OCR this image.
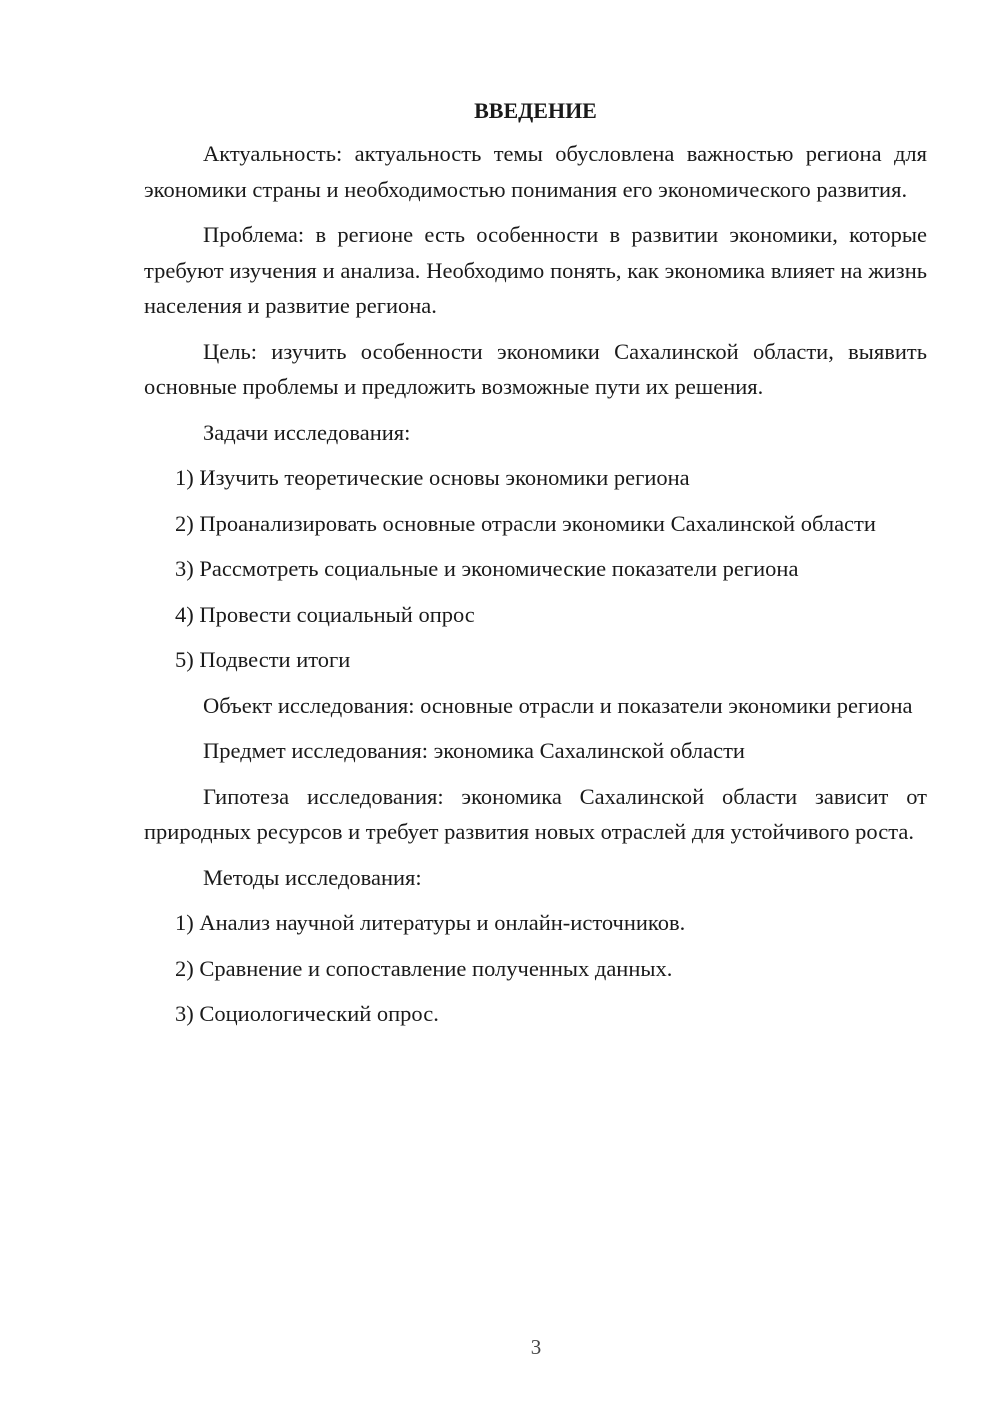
ВВЕДЕНИЕ

Актуальность: актуальность темы обусловлена важностью региона для экономики страны и необходимостью понимания его экономического развития.

Проблема: в регионе есть особенности в развитии экономики, которые требуют изучения и анализа. Необходимо понять, как экономика влияет на жизнь населения и развитие региона.

Цель: изучить особенности экономики Сахалинской области, выявить основные проблемы и предложить возможные пути их решения.

Задачи исследования:

1) Изучить теоретические основы экономики региона

2) Проанализировать основные отрасли экономики Сахалинской области

3) Рассмотреть социальные и экономические показатели региона

4) Провести социальный опрос

5) Подвести итоги

Объект исследования: основные отрасли и показатели экономики региона

Предмет исследования: экономика Сахалинской области

Гипотеза исследования: экономика Сахалинской области зависит от природных ресурсов и требует развития новых отраслей для устойчивого роста.

Методы исследования:

1) Анализ научной литературы и онлайн-источников.

2) Сравнение и сопоставление полученных данных.

3) Социологический опрос.

3
